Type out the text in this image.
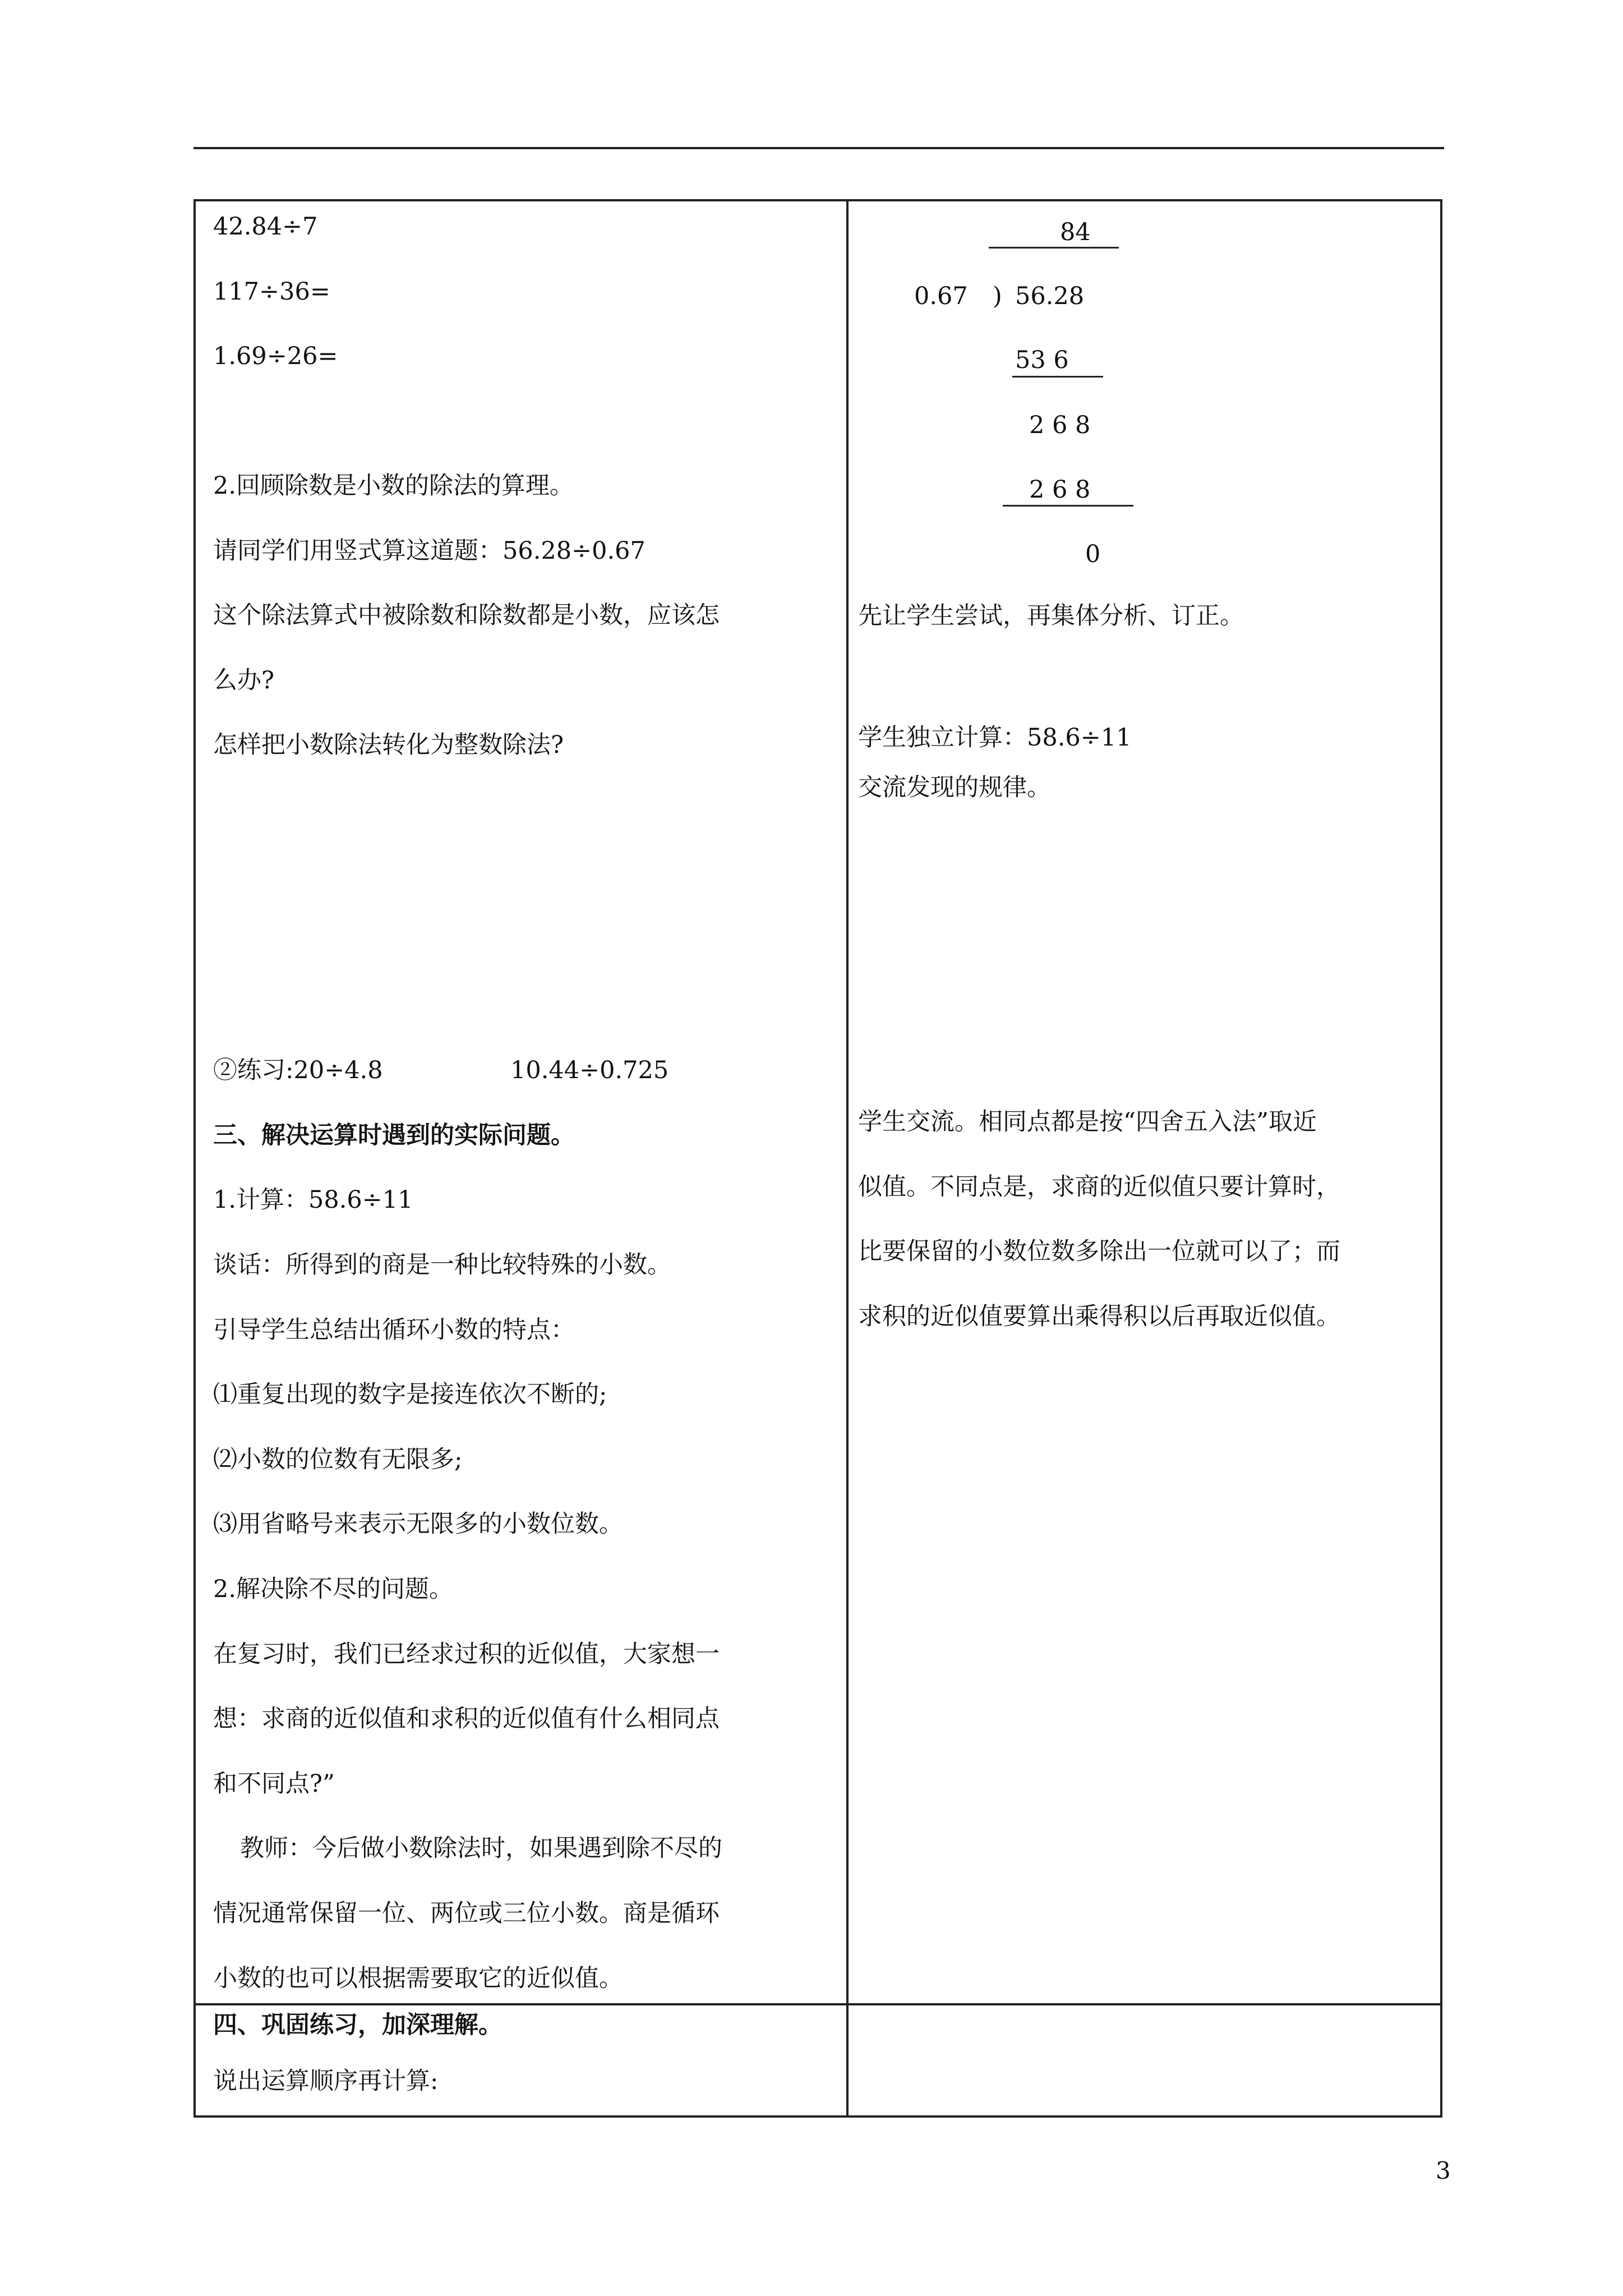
42.84÷7
117÷36=
1.69÷26=
2.回顾除数是小数的除法的算理。
请同学们用竖式算这道题：56.28÷0.67
这个除法算式中被除数和除数都是小数，应该怎
么办?
怎样把小数除法转化为整数除法?
②练习:20÷4.8	10.44÷0.725
三、解决运算时遇到的实际问题。
1.计算：58.6÷11
谈话：所得到的商是一种比较特殊的小数。
引导学生总结出循环小数的特点：
⑴重复出现的数字是接连依次不断的;
⑵小数的位数有无限多;
⑶用省略号来表示无限多的小数位数。
2.解决除不尽的问题。
在复习时，我们已经求过积的近似值，大家想一
想：求商的近似值和求积的近似值有什么相同点
和不同点?”
教师：今后做小数除法时，如果遇到除不尽的
情况通常保留一位、两位或三位小数。商是循环
小数的也可以根据需要取它的近似值。
四、巩固练习，加深理解。
说出运算顺序再计算:
84
0.67 ) 56.28
53 6
2 6 8
2 6 8
0
先让学生尝试，再集体分析、订正。
学生独立计算：58.6÷11
交流发现的规律。
学生交流。相同点都是按“四舍五入法”取近
似值。不同点是，求商的近似值只要计算时，
比要保留的小数位数多除出一位就可以了；而
求积的近似值要算出乘得积以后再取近似值。
3
